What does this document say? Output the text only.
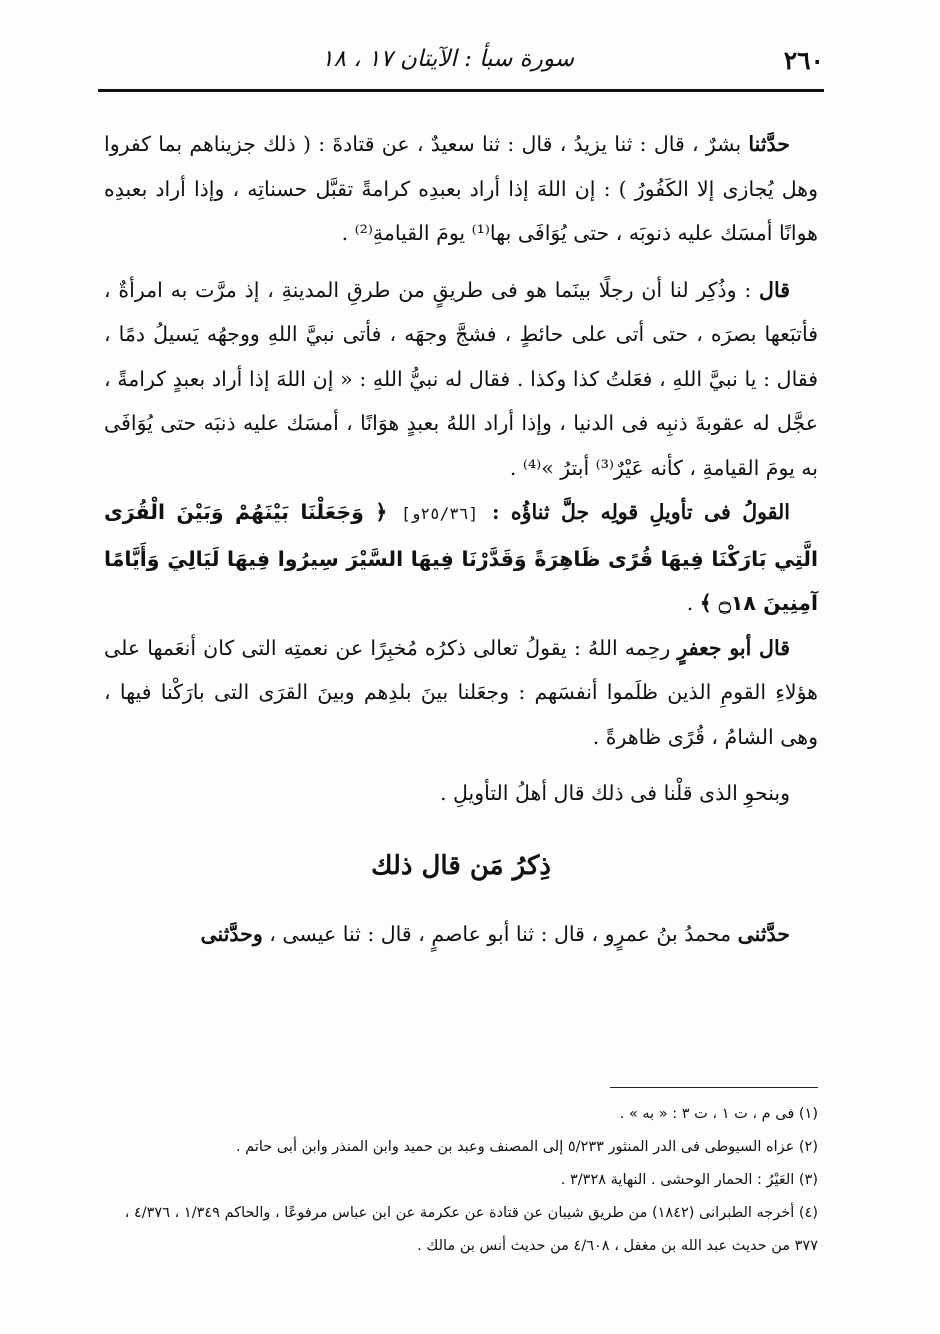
٢٦٠
سورة سبأ : الآيتان ١٧ ، ١٨

حدَّثنا بشرٌ ، قال : ثنا يزيدُ ، قال : ثنا سعيدٌ ، عن قتادةَ : ( ذلك جزيناهم بما كفروا وهل يُجازى إلا الكَفُورُ ) : إن اللهَ إذا أراد بعبدِه كرامةً تقبَّل حسناتِه ، وإذا أراد بعبدِه هوانًا أمسَك عليه ذنوبَه ، حتى يُوَافَى بها⁽¹⁾ يومَ القيامةِ⁽²⁾ .

قال : وذُكِر لنا أن رجلًا بينَما هو فى طريقٍ من طرقِ المدينةِ ، إذ مرَّت به امرأةٌ ، فأتبَعها بصرَه ، حتى أتى على حائطٍ ، فشجَّ وجهَه ، فأتى نبيَّ اللهِ ووجهُه يَسيلُ دمًا ، فقال : يا نبيَّ اللهِ ، فعَلتُ كذا وكذا . فقال له نبيُّ اللهِ : « إن اللهَ إذا أراد بعبدٍ كرامةً ، عجَّل له عقوبةَ ذنبِه فى الدنيا ، وإذا أراد اللهُ بعبدٍ هوَانًا ، أمسَك عليه ذنبَه حتى يُوَافَى به يومَ القيامةِ ، كأنه عَيْرٌ⁽³⁾ أبترُ »⁽⁴⁾ .

القولُ فى تأويلِ قولِه جلَّ ثناؤُه : [٢٥/٣٦و] ﴿ وَجَعَلْنَا بَيْنَهُمْ وَبَيْنَ الْقُرَى الَّتِي بَارَكْنَا فِيهَا قُرًى ظَاهِرَةً وَقَدَّرْنَا فِيهَا السَّيْرَ سِيرُوا فِيهَا لَيَالِيَ وَأَيَّامًا آمِنِينَ ۝١٨ ﴾ .

قال أبو جعفرٍ رحِمه اللهُ : يقولُ تعالى ذكرُه مُخبِرًا عن نعمتِه التى كان أنعَمها على هؤلاءِ القومِ الذين ظلَموا أنفسَهم : وجعَلنا بينَ بلدِهم وبينَ القرَى التى بارَكْنا فيها ، وهى الشامُ ، قُرًى ظاهرةً .

وبنحوِ الذى قلْنا فى ذلك قال أهلُ التأويلِ .

ذِكرُ مَن قال ذلك

حدَّثنى محمدُ بنُ عمرٍو ، قال : ثنا أبو عاصمٍ ، قال : ثنا عيسى ، وحدَّثنى

(١) فى م ، ت ١ ، ت ٣ : « به » .

(٢) عزاه السيوطى فى الدر المنثور ٥/٢٣٣ إلى المصنف وعبد بن حميد وابن المنذر وابن أبى حاتم .

(٣) العَيْرُ : الحمار الوحشى . النهاية ٣/٣٢٨ .

(٤) أخرجه الطبرانى (١٨٤٢) من طريق شيبان عن قتادة عن عكرمة عن ابن عباس مرفوعًا ، والحاكم ١/٣٤٩ ، ٤/٣٧٦ ، ٣٧٧ من حديث عبد الله بن مغفل ، ٤/٦٠٨ من حديث أنس بن مالك .
